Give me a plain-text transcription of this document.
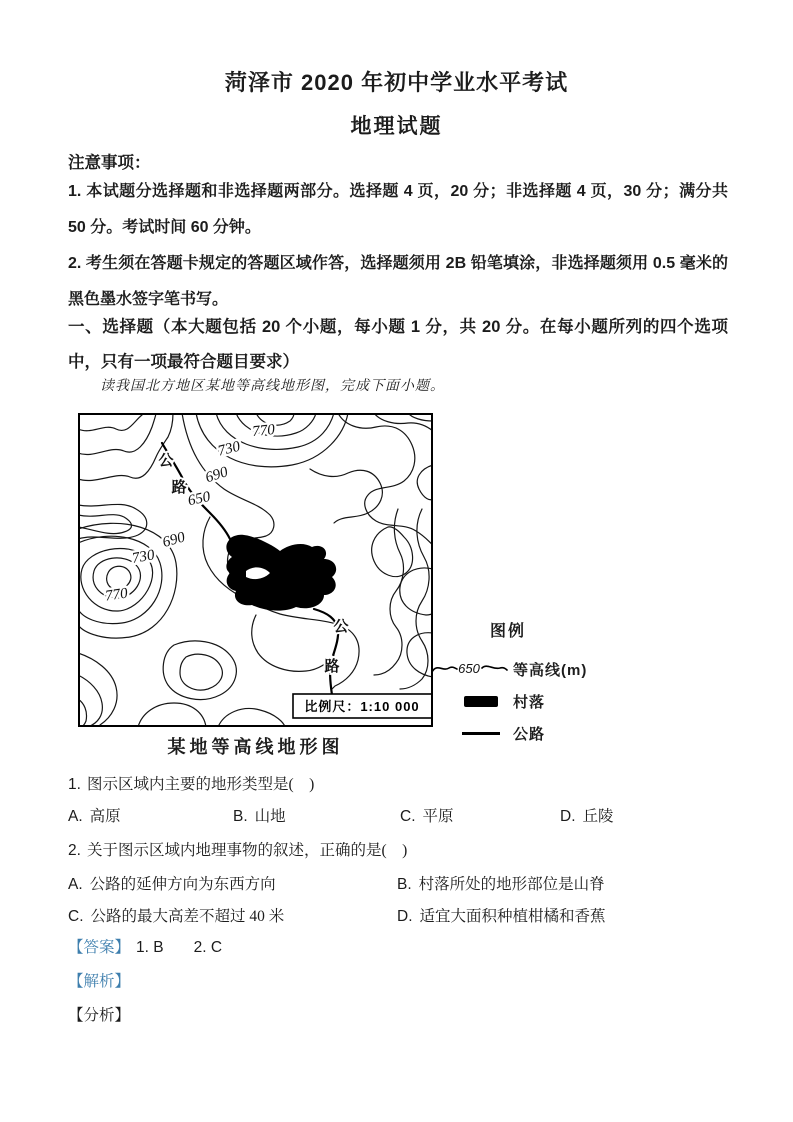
菏泽市 2020 年初中学业水平考试
地理试题
注意事项：
1. 本试题分选择题和非选择题两部分。选择题 4 页，20 分；非选择题 4 页，30 分；满分共 50 分。考试时间 60 分钟。
2. 考生须在答题卡规定的答题区域作答，选择题须用 2B 铅笔填涂，非选择题须用 0.5 毫米的黑色墨水签字笔书写。
一、选择题（本大题包括 20 个小题，每小题 1 分，共 20 分。在每小题所列的四个选项中，只有一项最符合题目要求）
读我国北方地区某地等高线地形图，完成下面小题。
770
730
690
650
690
730
770
公
路
公
路
比例尺：1:10 000
某地等高线地形图
图例
650 等高线(m)
村落
公路
1. 图示区域内主要的地形类型是(　)
A. 高原	B. 山地	C. 平原	D. 丘陵
2. 关于图示区域内地理事物的叙述，正确的是(　)
A. 公路的延伸方向为东西方向	B. 村落所处的地形部位是山脊
C. 公路的最大高差不超过 40 米	D. 适宜大面积种植柑橘和香蕉
【答案】 1. B 2. C
【解析】
【分析】
